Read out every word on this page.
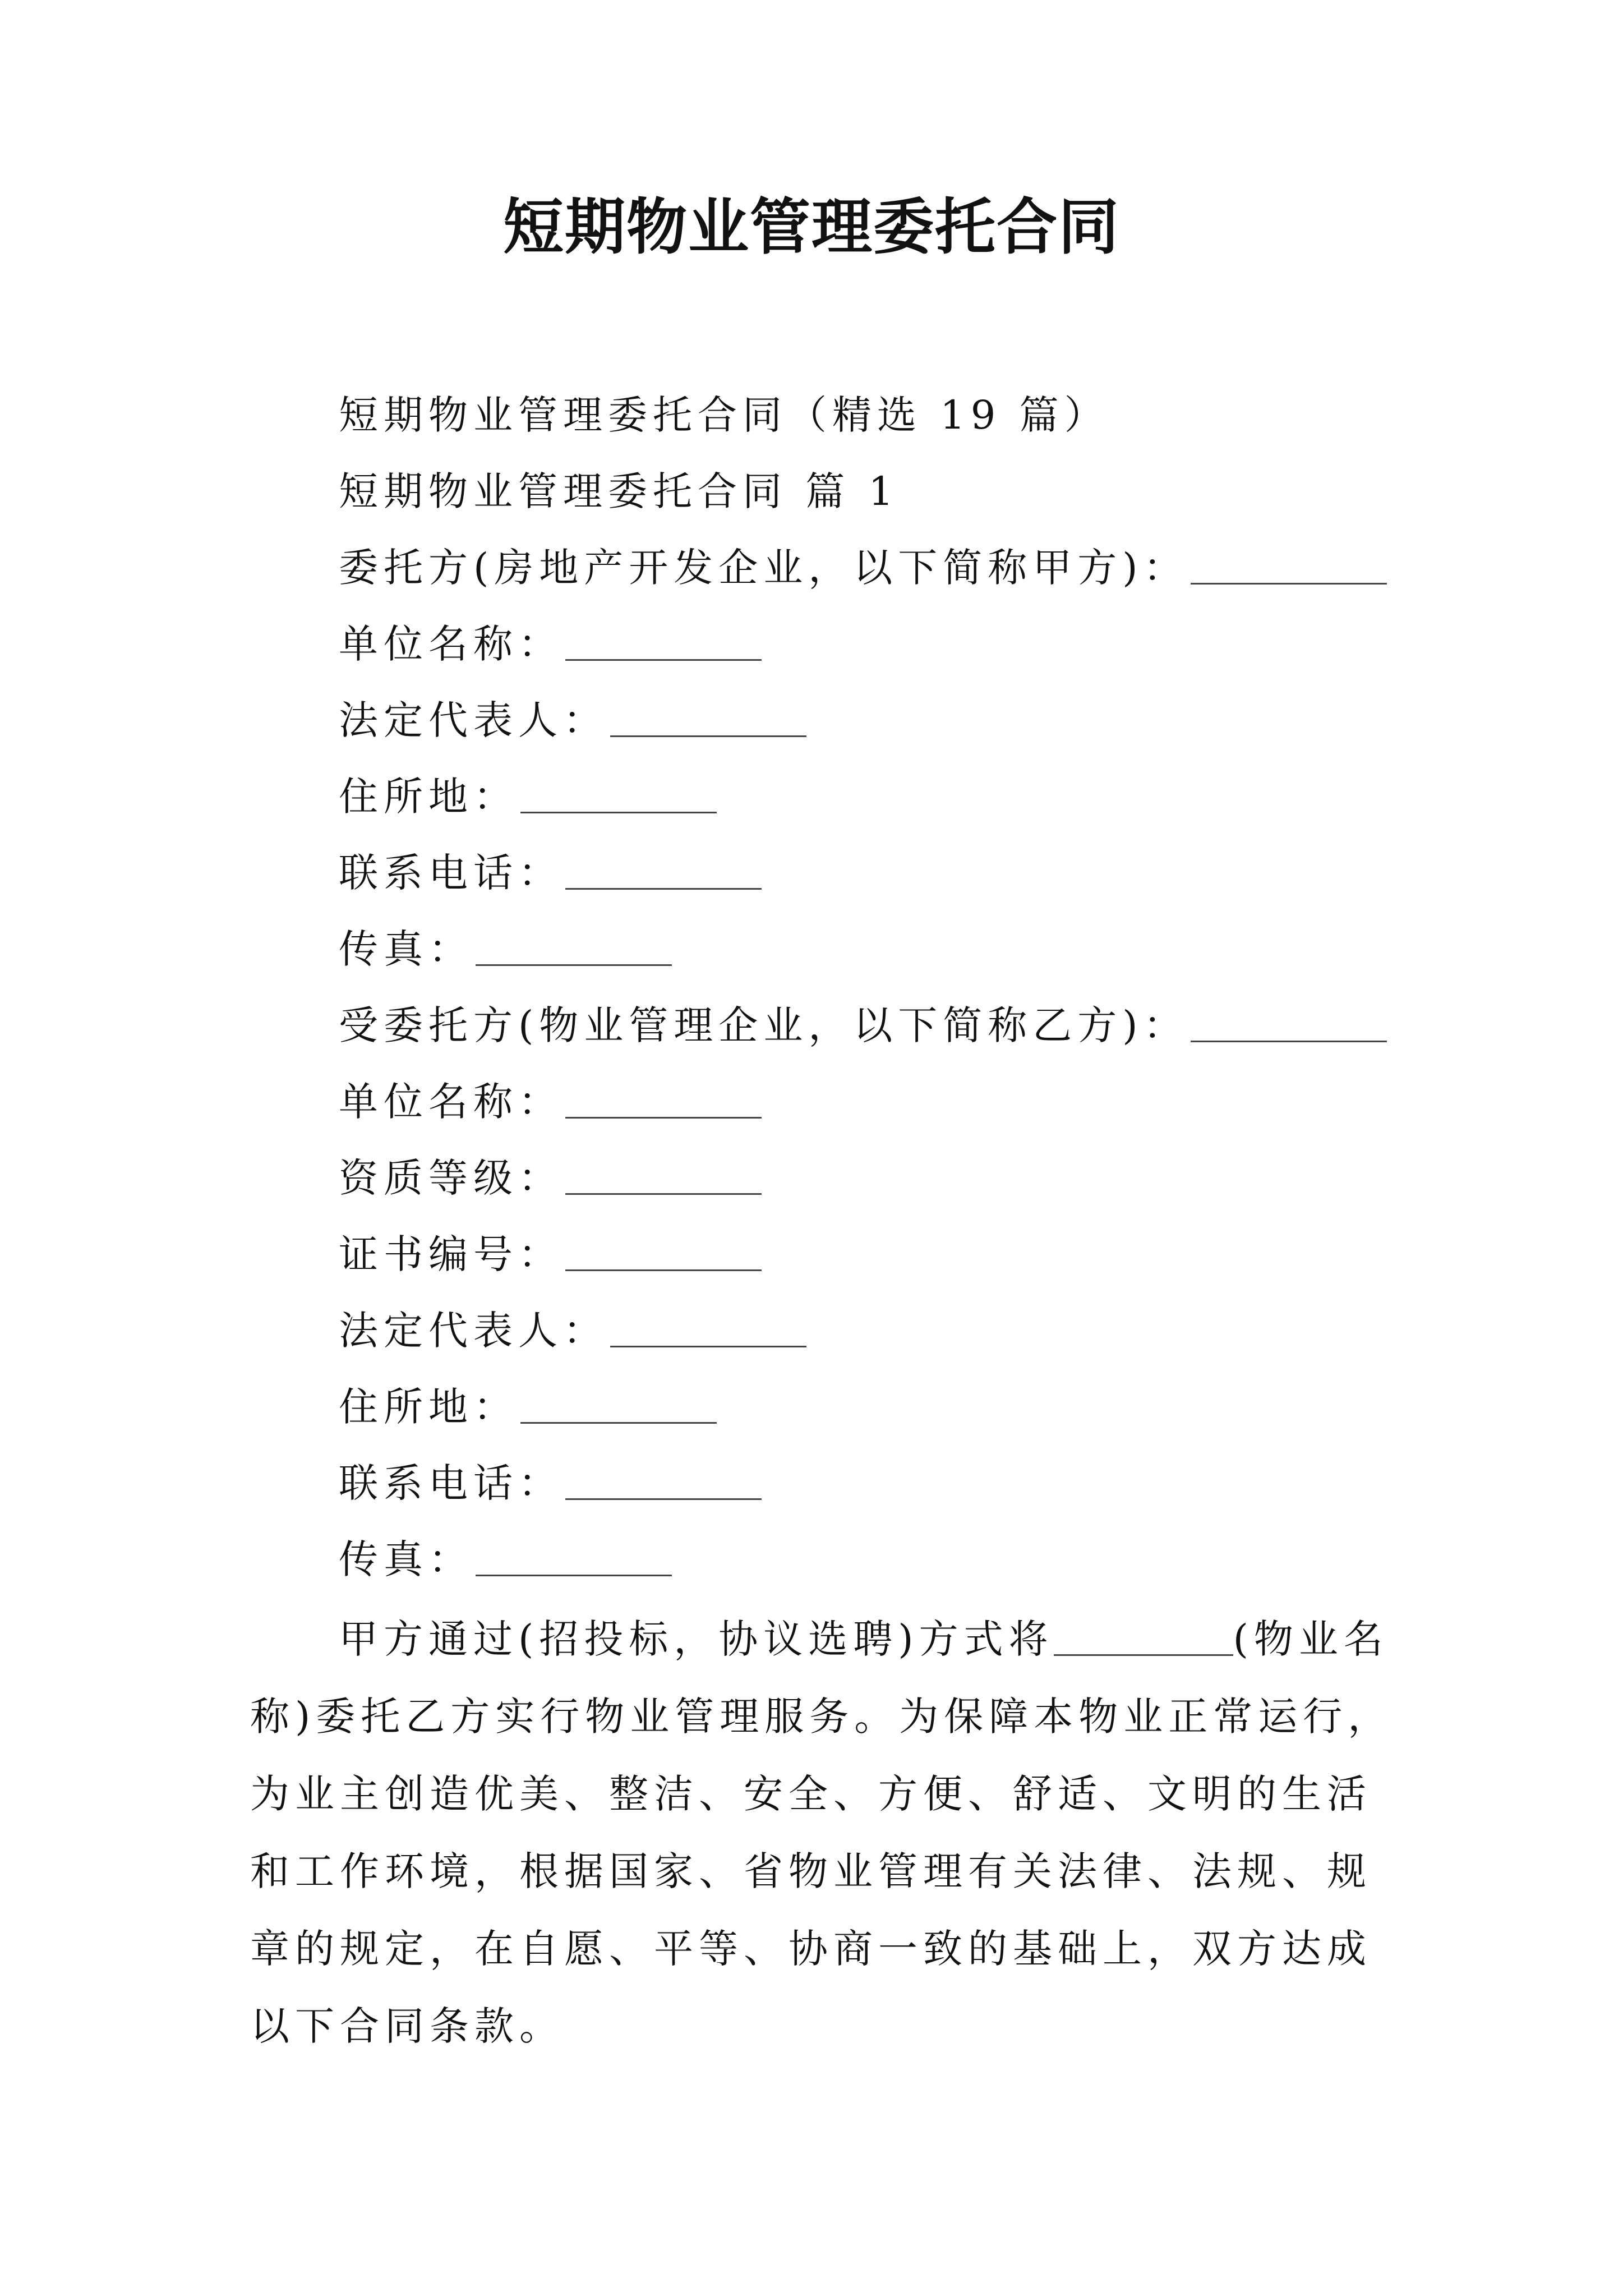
短期物业管理委托合同
短期物业管理委托合同（精选 19 篇）
短期物业管理委托合同 篇 1
委托方(房地产开发企业，以下简称甲方)：
单位名称：
法定代表人：
住所地：
联系电话：
传真：
受委托方(物业管理企业，以下简称乙方)：
单位名称：
资质等级：
证书编号：
法定代表人：
住所地：
联系电话：
传真：
甲方通过(招投标，协议选聘)方式将	(物业名称)委托乙方实行物业管理服务。为保障本物业正常运行，为业主创造优美、整洁、安全、方便、舒适、文明的生活和工作环境，根据国家、省物业管理有关法律、法规、规章的规定，在自愿、平等、协商一致的基础上，双方达成以下合同条款。
